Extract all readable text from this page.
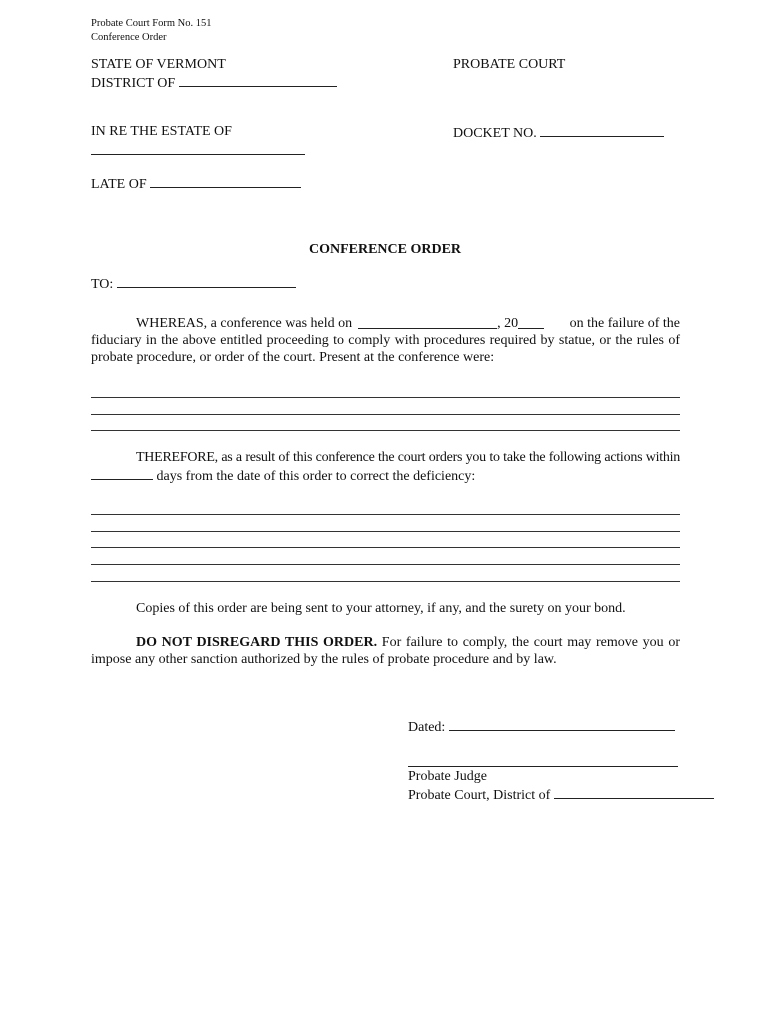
Probate Court Form No. 151
Conference Order
STATE OF VERMONT	PROBATE COURT
DISTRICT OF
IN RE THE ESTATE OF	DOCKET NO.
LATE OF
CONFERENCE ORDER
TO:
WHEREAS, a conference was held on	, 20	on the failure of the
fiduciary in the above entitled proceeding to comply with procedures required by statue, or the rules of
probate procedure, or order of the court. Present at the conference were:
THEREFORE, as a result of this conference the court orders you to take the following actions within
days from the date of this order to correct the deficiency:
Copies of this order are being sent to your attorney, if any, and the surety on your bond.
DO NOT DISREGARD THIS ORDER. For failure to comply, the court may remove you or
impose any other sanction authorized by the rules of probate procedure and by law.
Dated:
Probate Judge
Probate Court, District of
